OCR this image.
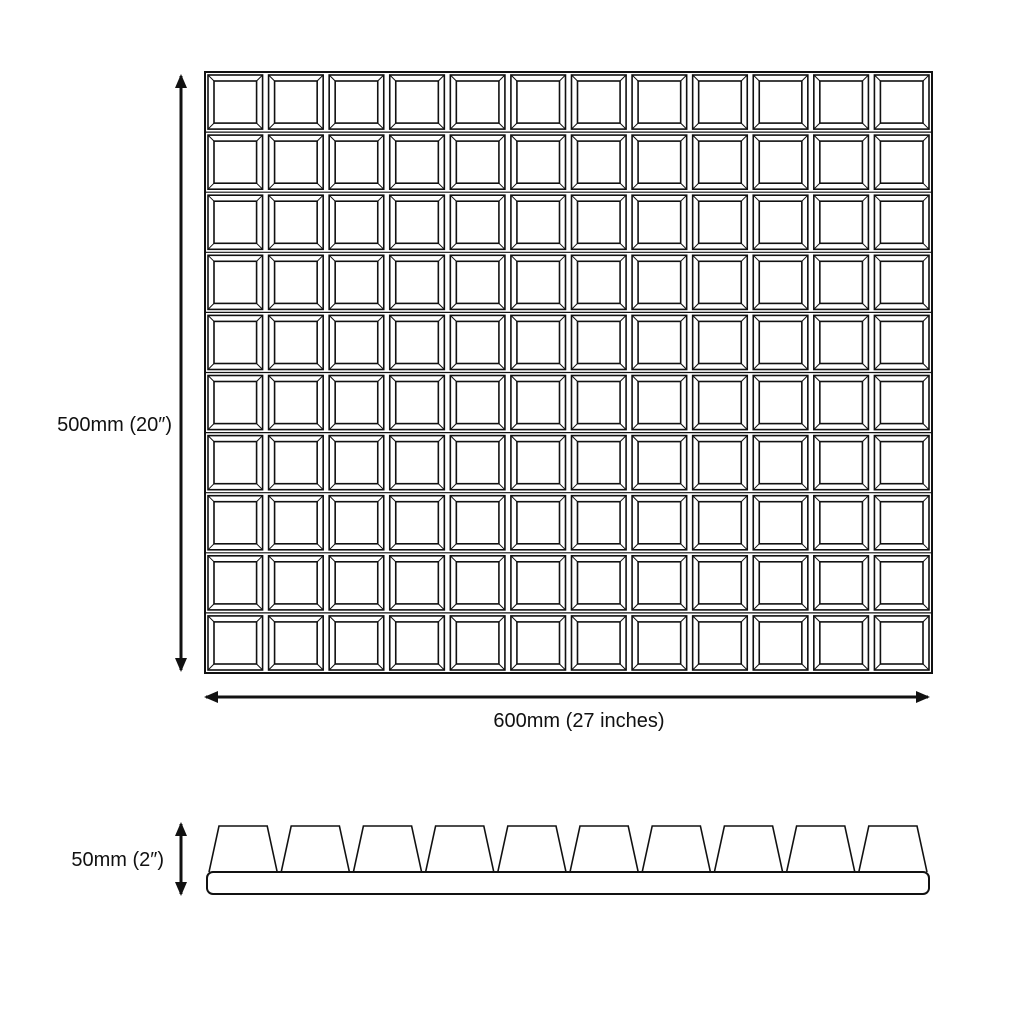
500mm (20″)
600mm (27 inches)
50mm (2″)
